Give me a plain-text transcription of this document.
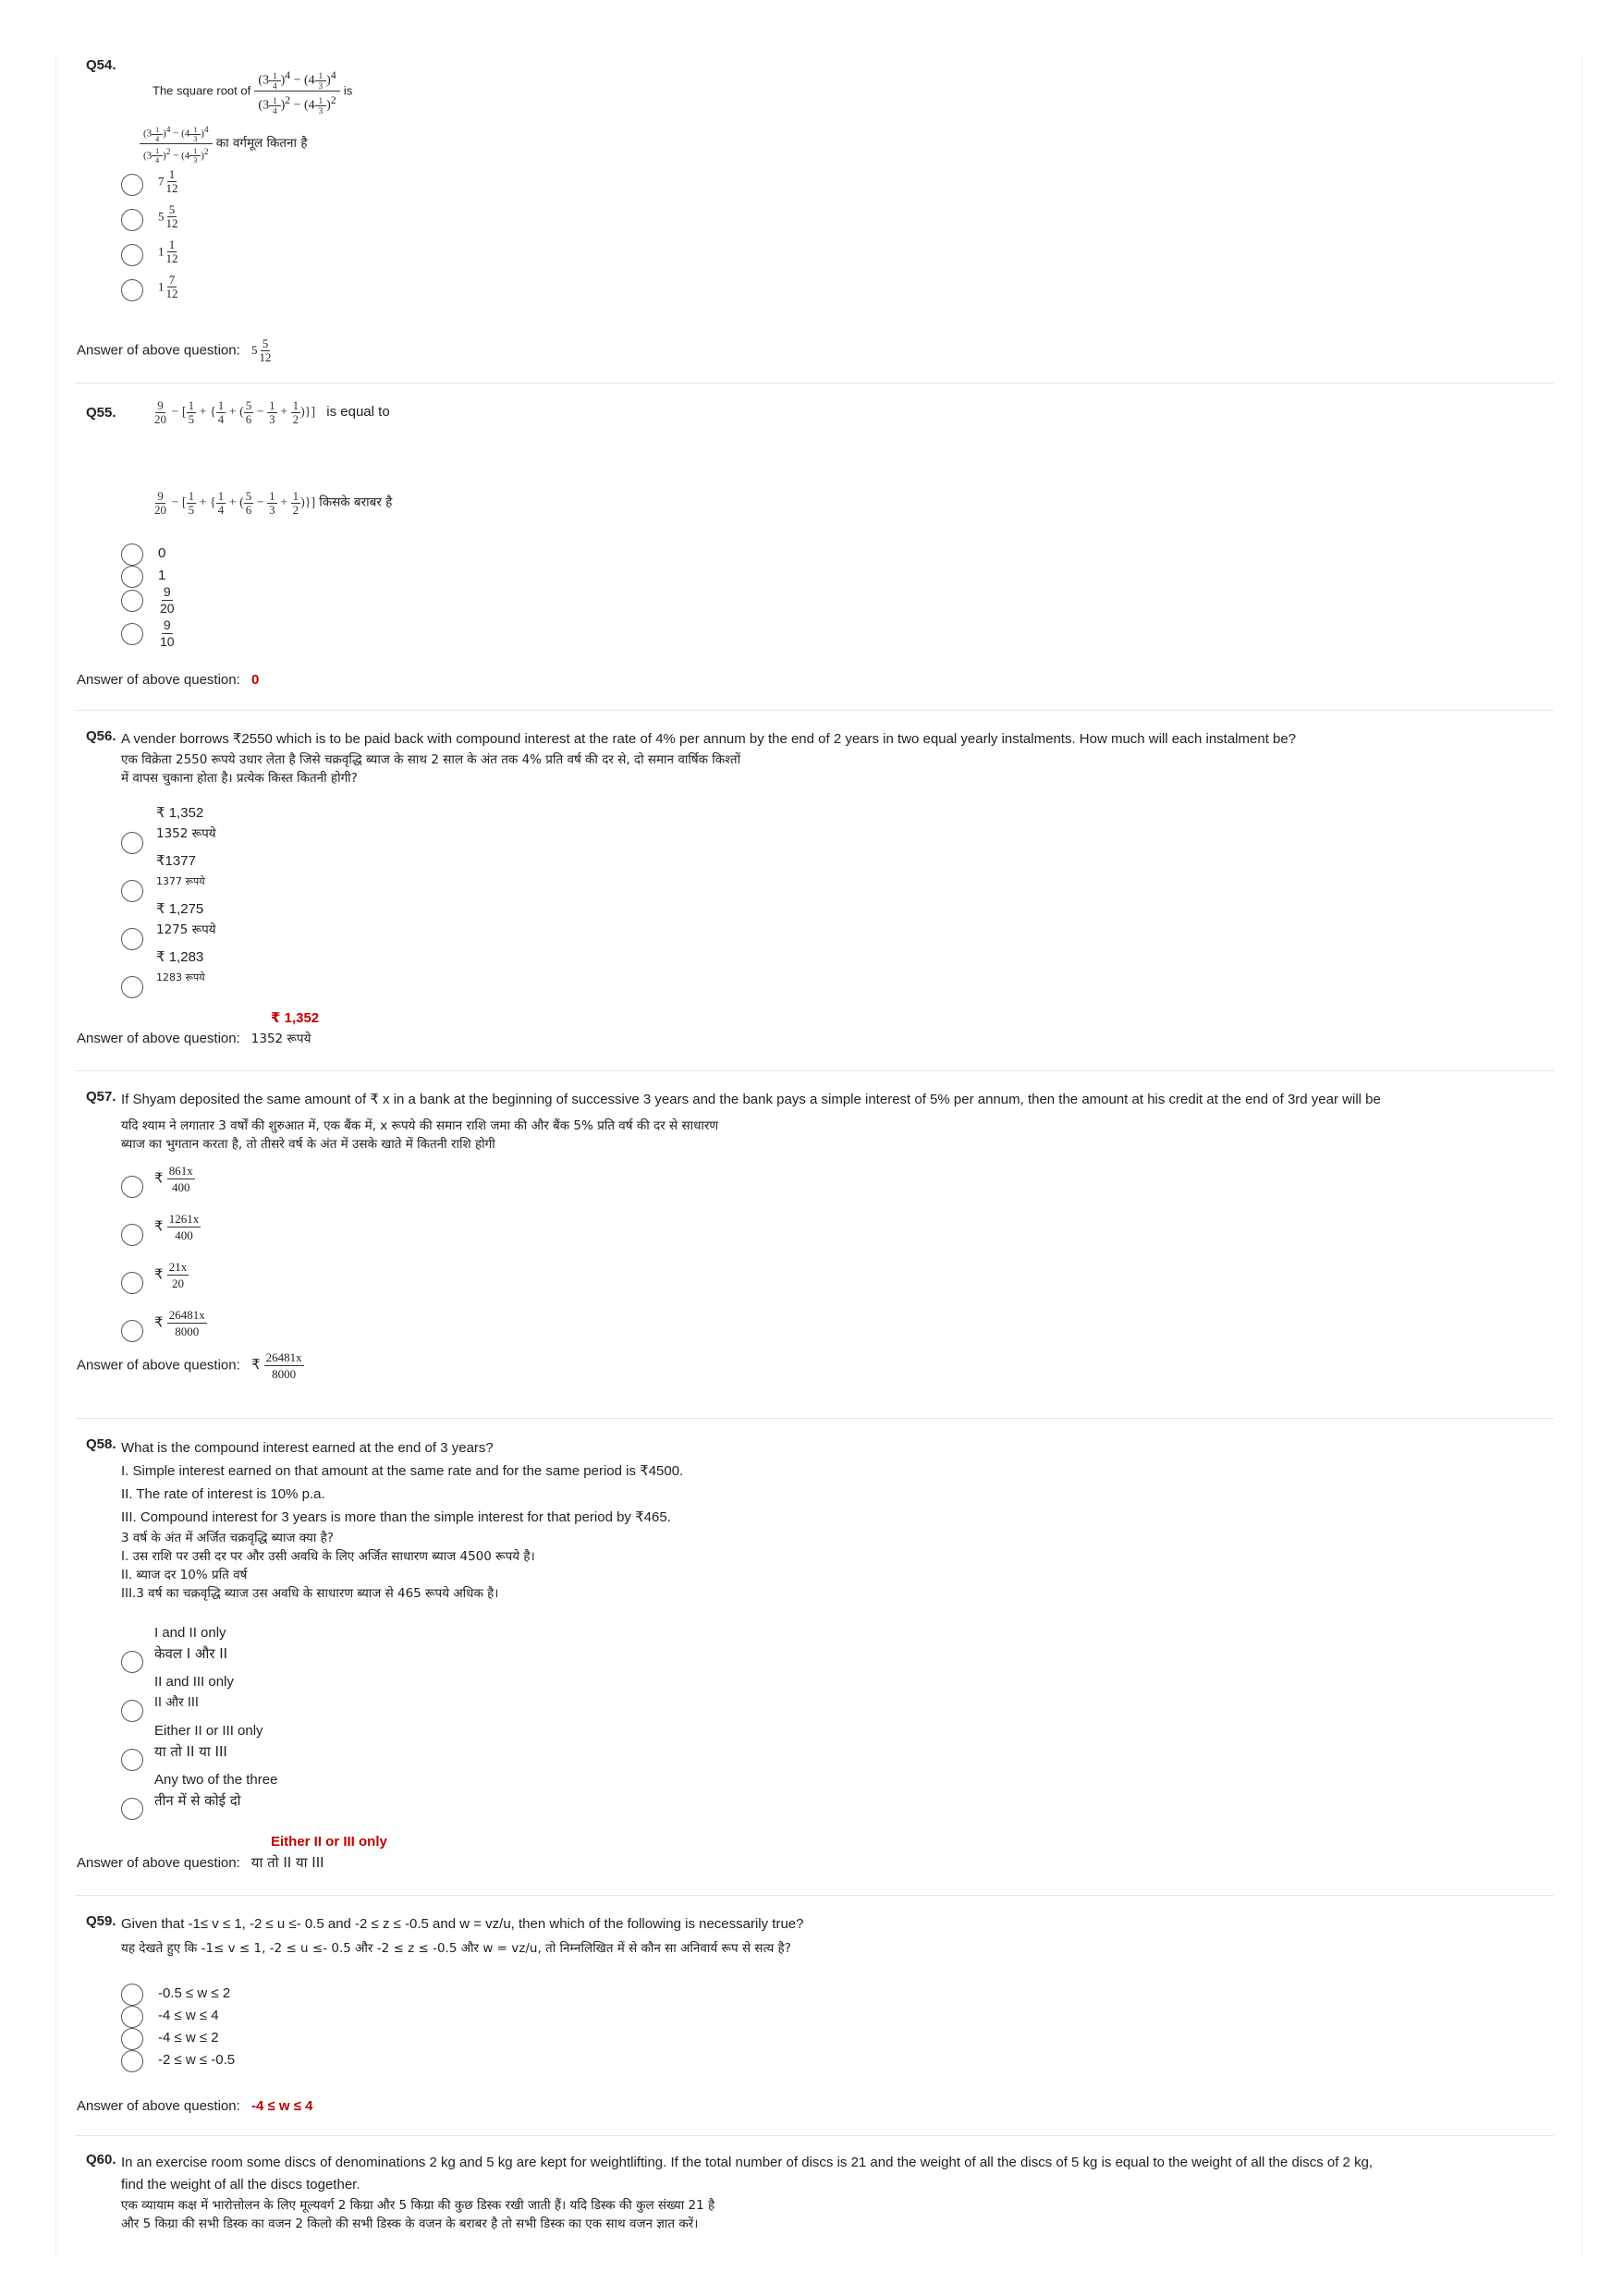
Q54.
The square root of $\frac{(3 \frac{1}{4} )^4 - (4 \frac{1}{3} )^4}{(3 \frac{1}{4} )^2 - (4 \frac{1}{3} )^2}$ is
$\frac{(3 \frac{1}{4} )^4 - (4 \frac{1}{3} )^4}{(3 \frac{1}{4} )^2 - (4 \frac{1}{3} )^2}$ का वर्गमूल कितना है
$7 \frac{1}{12}$
$5 \frac{5}{12}$
$1 \frac{1}{12}$
$1 \frac{7}{12}$
Answer of above question: $5 \frac{5}{12}$
Q55.	$\frac{9}{20}$ − [ $\frac{1}{5}$ + { $\frac{1}{4}$ + ( $\frac{5}{6} - \frac{1}{3} + \frac{1}{2}$ )}] is equal to
$\frac{9}{20}$ − [ $\frac{1}{5}$ + { $\frac{1}{4}$ + ( $\frac{5}{6} - \frac{1}{3} + \frac{1}{2}$ )}] किसके बराबर है
0
1
$\frac{9}{20}$
$\frac{9}{10}$
Answer of above question: 0
Q56. A vender borrows ₹2550 which is to be paid back with compound interest at the rate of 4% per annum by the end of 2 years in two equal yearly instalments. How much will each instalment be?
एक विक्रेता 2550 रूपये उधार लेता है जिसे चक्रवृद्धि ब्याज के साथ 2 साल के अंत तक 4% प्रति वर्ष की दर से, दो समान वार्षिक किश्तों
में वापस चुकाना होता है। प्रत्येक किस्त कितनी होगी?
₹ 1,352
1352 रूपये
₹1377
1377 रूपये
₹ 1,275
1275 रूपये
₹ 1,283
1283 रूपये
₹ 1,352
Answer of above question: 1352 रूपये
Q57. If Shyam deposited the same amount of ₹ x in a bank at the beginning of successive 3 years and the bank pays a simple interest of 5% per annum, then the amount at his credit at the end of 3rd year will be
यदि श्याम ने लगातार 3 वर्षों की शुरुआत में, एक बैंक में, x रूपये की समान राशि जमा की और बैंक 5% प्रति वर्ष की दर से साधारण
ब्याज का भुगतान करता है, तो तीसरे वर्ष के अंत में उसके खाते में कितनी राशि होगी
₹ $\frac{861x}{400}$
₹ $\frac{1261x}{400}$
₹ $\frac{21x}{20}$
₹ $\frac{26481x}{8000}$
Answer of above question: ₹ $\frac{26481x}{8000}$
Q58. What is the compound interest earned at the end of 3 years?
I. Simple interest earned on that amount at the same rate and for the same period is ₹4500.
II. The rate of interest is 10% p.a.
III. Compound interest for 3 years is more than the simple interest for that period by ₹465.
3 वर्ष के अंत में अर्जित चक्रवृद्धि ब्याज क्या है?
I. उस राशि पर उसी दर पर और उसी अवधि के लिए अर्जित साधारण ब्याज 4500 रूपये है।
II. ब्याज दर 10% प्रति वर्ष
III.3 वर्ष का चक्रवृद्धि ब्याज उस अवधि के साधारण ब्याज से 465 रूपये अधिक है।
I and II only
केवल I और II
II and III only
II और III
Either II or III only
या तो II या III
Any two of the three
तीन में से कोई दो
Either II or III only
Answer of above question: या तो II या III
Q59. Given that -1≤ v ≤ 1, -2 ≤ u ≤- 0.5 and -2 ≤ z ≤ -0.5 and w = vz/u, then which of the following is necessarily true?
यह देखते हुए कि -1≤ v ≤ 1, -2 ≤ u ≤- 0.5 और -2 ≤ z ≤ -0.5 और w = vz/u, तो निम्नलिखित में से कौन सा अनिवार्य रूप से सत्य है?
-0.5 ≤ w ≤ 2
-4 ≤ w ≤ 4
-4 ≤ w ≤ 2
-2 ≤ w ≤ -0.5
Answer of above question: -4 ≤ w ≤ 4
Q60. In an exercise room some discs of denominations 2 kg and 5 kg are kept for weightlifting. If the total number of discs is 21 and the weight of all the discs of 5 kg is equal to the weight of all the discs of 2 kg,
find the weight of all the discs together.
एक व्यायाम कक्ष में भारोत्तोलन के लिए मूल्यवर्ग 2 किग्रा और 5 किग्रा की कुछ डिस्क रखी जाती हैं। यदि डिस्क की कुल संख्या 21 है
और 5 किग्रा की सभी डिस्क का वजन 2 किलो की सभी डिस्क के वजन के बराबर है तो सभी डिस्क का एक साथ वजन ज्ञात करें।
